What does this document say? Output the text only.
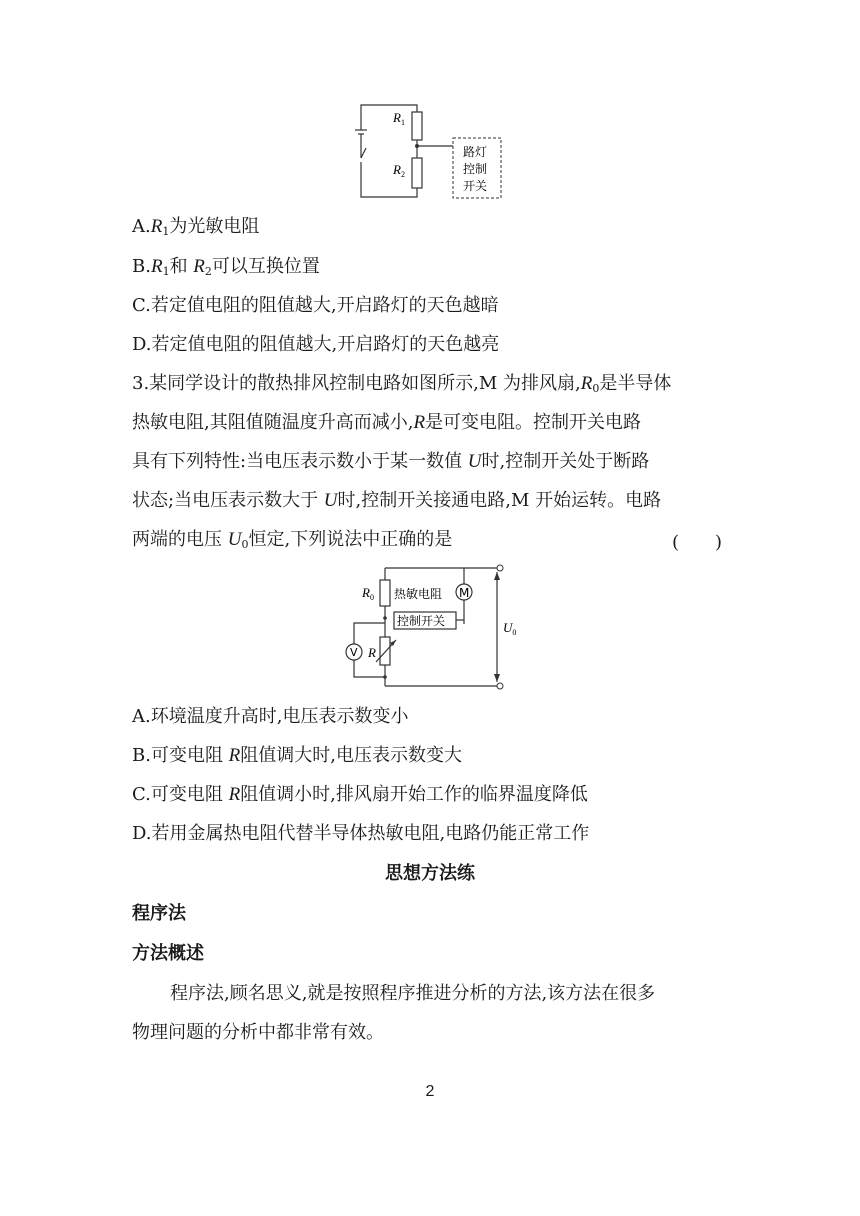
$R_1$
$R_2$
路灯
控制
开关
$A.R_1$为光敏电阻
$B.R_1$和 $R_2$可以互换位置
C.若定值电阻的阻值越大,开启路灯的天色越暗
D.若定值电阻的阻值越大,开启路灯的天色越亮
3.某同学设计的散热排风控制电路如图所示,M 为排风扇$,R_0$是半导体
热敏电阻,其阻值随温度升高而减小,R是可变电阻。控制开关电路
具有下列特性:当电压表示数小于某一数值 U时,控制开关处于断路
状态;当电压表示数大于 U时,控制开关接通电路,M 开始运转。电路
两端的电压 $U_0$恒定,下列说法中正确的是	(　　)
$R_0$ 热敏电阻 M
控制开关
V R
$U_0$
A.环境温度升高时,电压表示数变小
B.可变电阻 R阻值调大时,电压表示数变大
C.可变电阻 R阻值调小时,排风扇开始工作的临界温度降低
D.若用金属热电阻代替半导体热敏电阻,电路仍能正常工作
思想方法练
程序法
方法概述
程序法,顾名思义,就是按照程序推进分析的方法,该方法在很多
物理问题的分析中都非常有效。
2
